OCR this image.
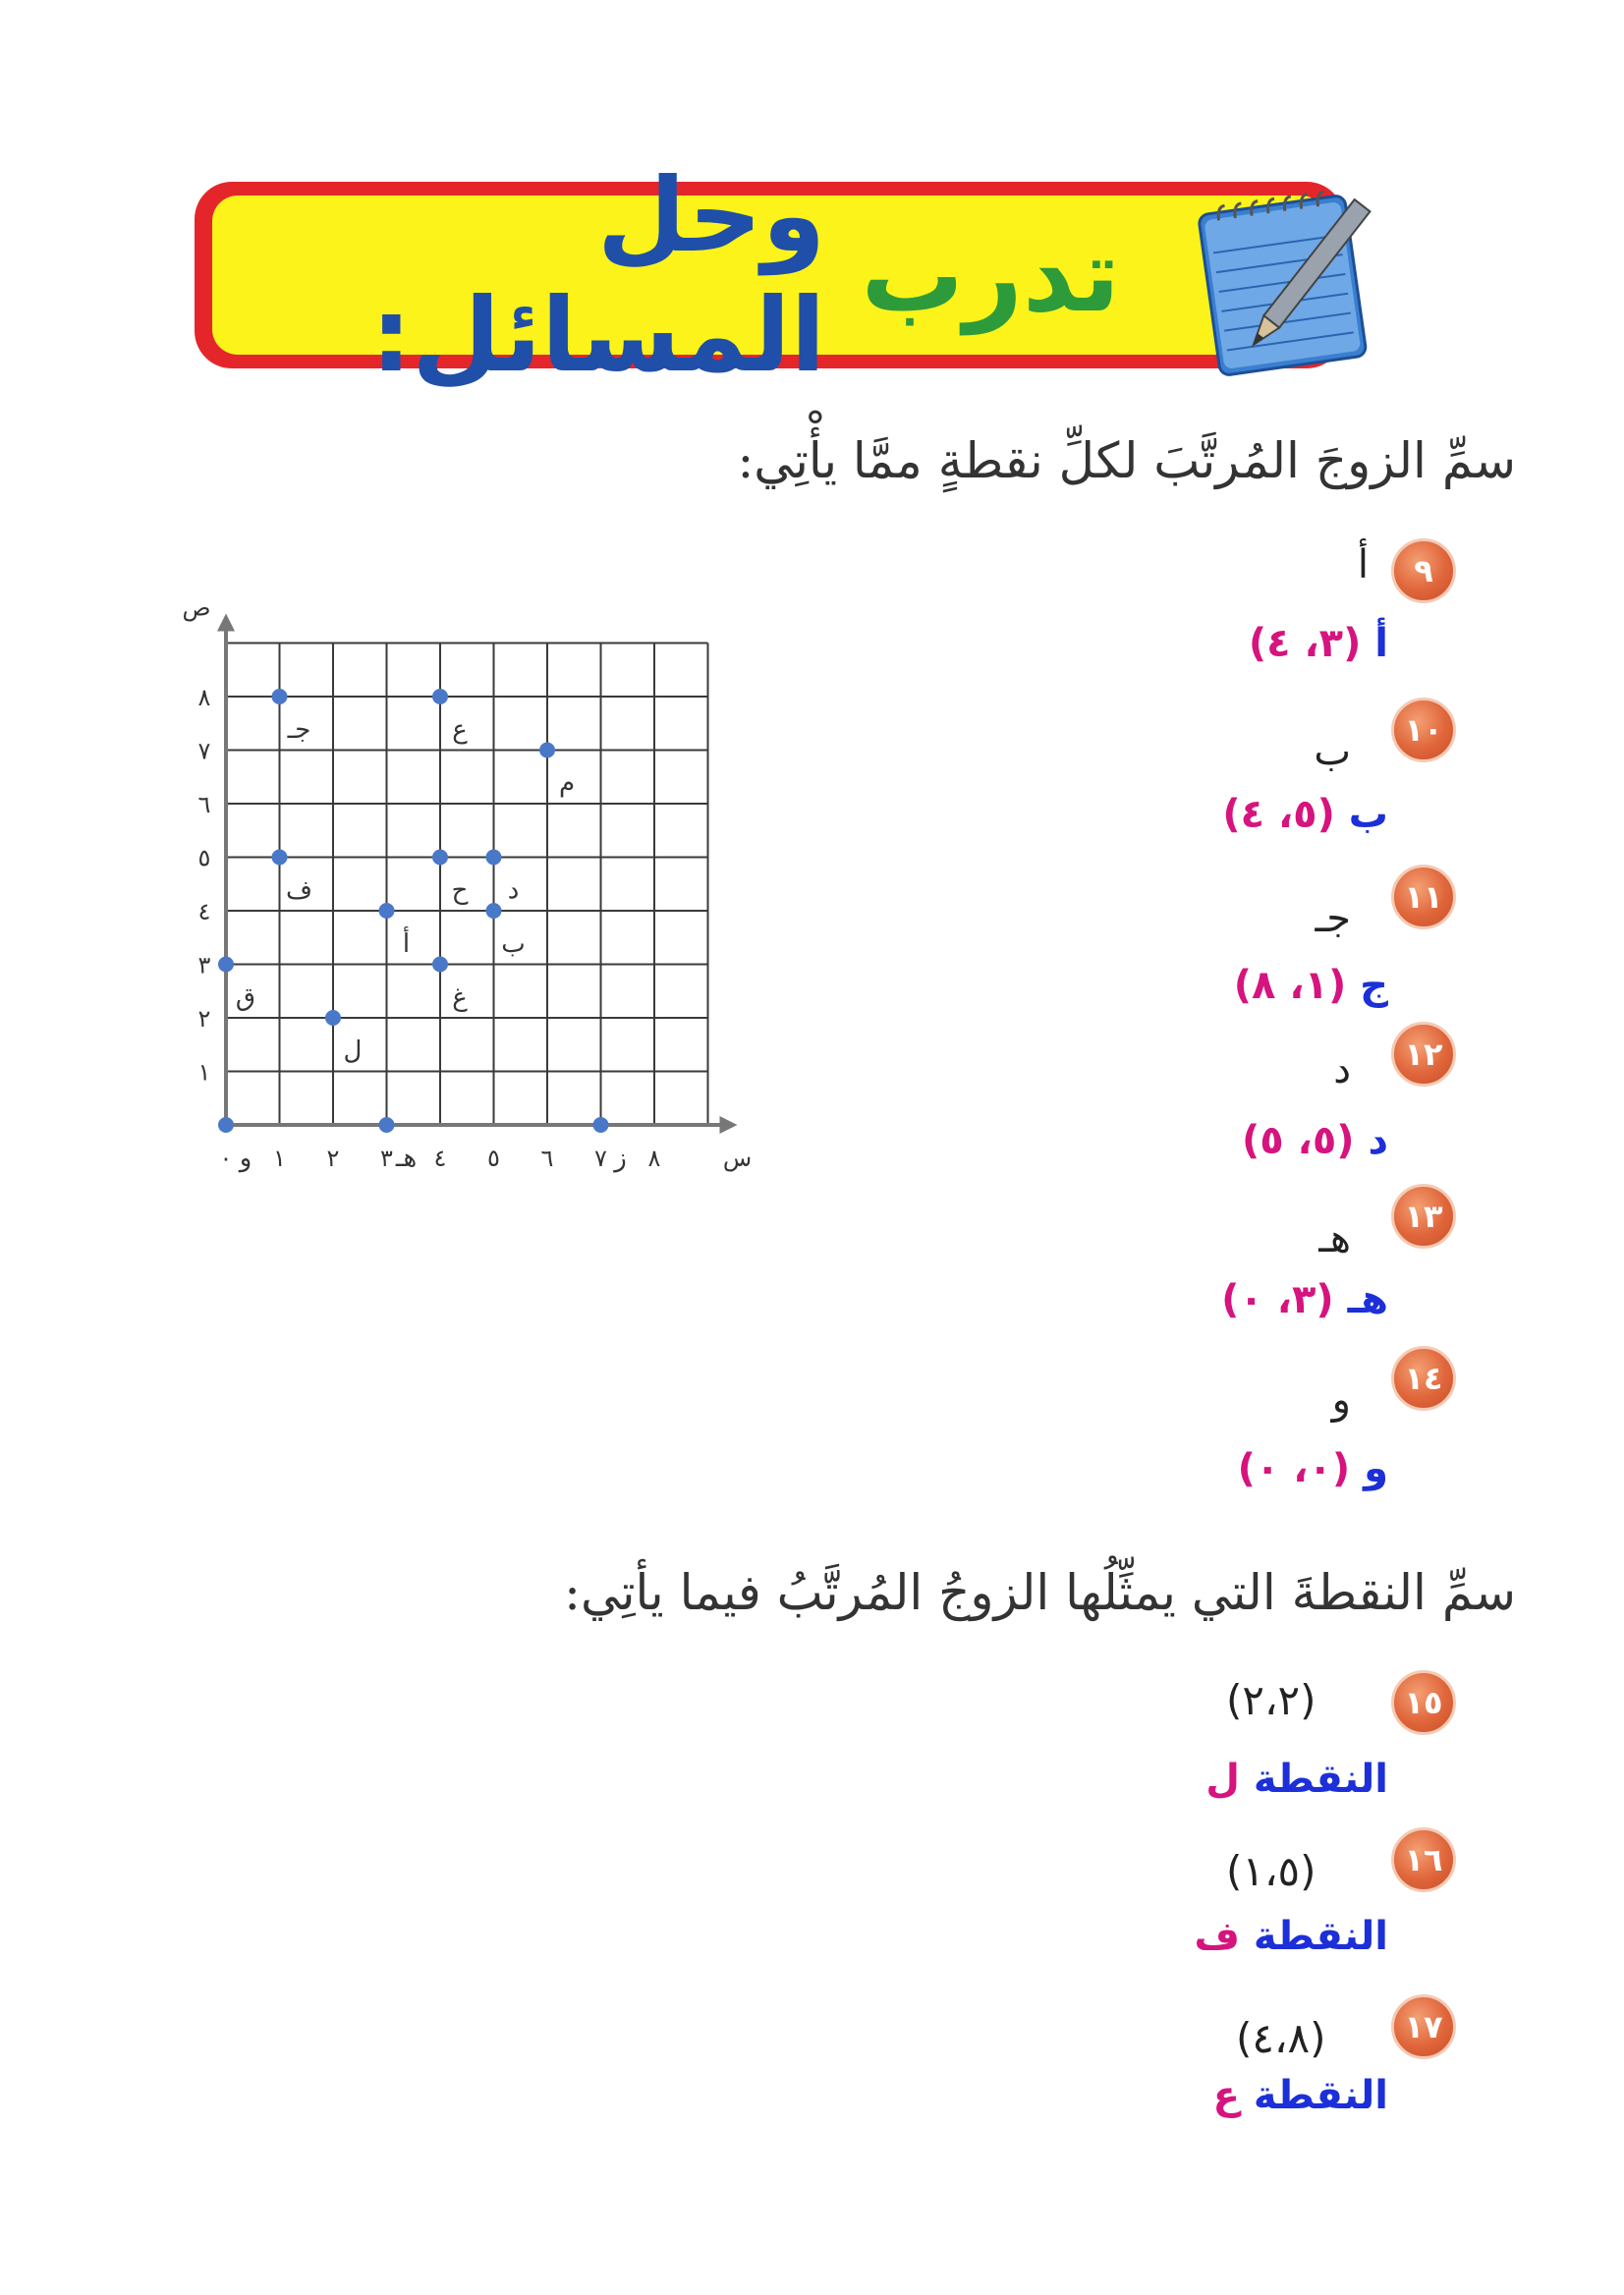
تدرب

وحل المسائل:
سمِّ الزوجَ المُرتَّبَ لكلِّ نقطةٍ ممَّا يأْتِي:
٩
أ
أ (٣، ٤)
١٠
ب
ب (٥، ٤)
١١
جـ
ج (١، ٨)
١٢
د
د (٥، ٥)
١٣
هـ
هـ (٣، ٠)
١٤
و
و (٠، ٠)
سمِّ النقطةَ التي يمثِّلُها الزوجُ المُرتَّبُ فيما يأتِي:
١٥
(٢،٢)
النقطة ل
١٦
(١،٥)
النقطة ف
١٧
(٤،٨)
النقطة ع
٠ ١ ٢ ٣ ٤ ٥ ٦ ٧ ٨
١
٢
٣
٤
٥
٦
٧
٨
س
ص
جـ	ع
م
ف	ح د
أ	ب
ق	غ
ل
و	هـ	ز
